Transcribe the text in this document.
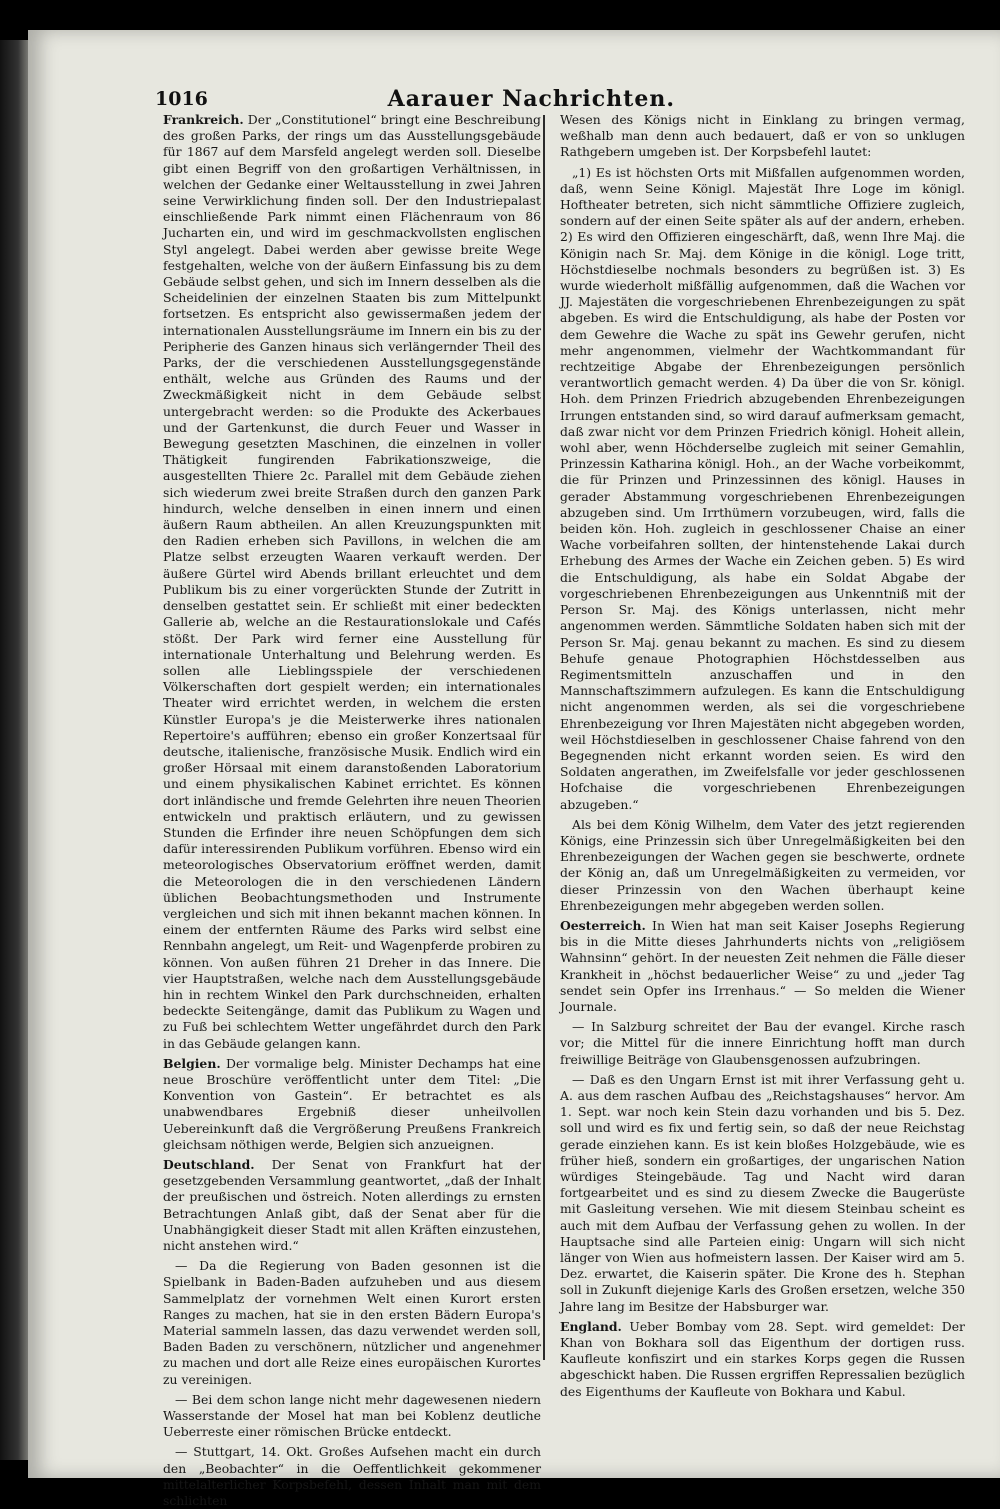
1016	Aarauer Nachrichten.

Frankreich. Der „Constitutionel“ bringt eine Beschreibung des großen Parks, der rings um das Ausstellungsgebäude für 1867 auf dem Marsfeld angelegt werden soll. Dieselbe gibt einen Begriff von den großartigen Verhältnissen, in welchen der Gedanke einer Weltausstellung in zwei Jahren seine Verwirklichung finden soll. Der den Industriepalast einschließende Park nimmt einen Flächenraum von 86 Jucharten ein, und wird im geschmackvollsten englischen Styl angelegt. Dabei werden aber gewisse breite Wege festgehalten, welche von der äußern Einfassung bis zu dem Gebäude selbst gehen, und sich im Innern desselben als die Scheidelinien der einzelnen Staaten bis zum Mittelpunkt fortsetzen. Es entspricht also gewissermaßen jedem der internationalen Ausstellungsräume im Innern ein bis zu der Peripherie des Ganzen hinaus sich verlängernder Theil des Parks, der die verschiedenen Ausstellungsgegenstände enthält, welche aus Gründen des Raums und der Zweckmäßigkeit nicht in dem Gebäude selbst untergebracht werden: so die Produkte des Ackerbaues und der Gartenkunst, die durch Feuer und Wasser in Bewegung gesetzten Maschinen, die einzelnen in voller Thätigkeit fungirenden Fabrikationszweige, die ausgestellten Thiere 2c. Parallel mit dem Gebäude ziehen sich wiederum zwei breite Straßen durch den ganzen Park hindurch, welche denselben in einen innern und einen äußern Raum abtheilen. An allen Kreuzungspunkten mit den Radien erheben sich Pavillons, in welchen die am Platze selbst erzeugten Waaren verkauft werden. Der äußere Gürtel wird Abends brillant erleuchtet und dem Publikum bis zu einer vorgerückten Stunde der Zutritt in denselben gestattet sein. Er schließt mit einer bedeckten Gallerie ab, welche an die Restaurationslokale und Cafés stößt. Der Park wird ferner eine Ausstellung für internationale Unterhaltung und Belehrung werden. Es sollen alle Lieblingsspiele der verschiedenen Völkerschaften dort gespielt werden; ein internationales Theater wird errichtet werden, in welchem die ersten Künstler Europa's je die Meisterwerke ihres nationalen Repertoire's aufführen; ebenso ein großer Konzertsaal für deutsche, italienische, französische Musik. Endlich wird ein großer Hörsaal mit einem daranstoßenden Laboratorium und einem physikalischen Kabinet errichtet. Es können dort inländische und fremde Gelehrten ihre neuen Theorien entwickeln und praktisch erläutern, und zu gewissen Stunden die Erfinder ihre neuen Schöpfungen dem sich dafür interessirenden Publikum vorführen. Ebenso wird ein meteorologisches Observatorium eröffnet werden, damit die Meteorologen die in den verschiedenen Ländern üblichen Beobachtungsmethoden und Instrumente vergleichen und sich mit ihnen bekannt machen können. In einem der entfernten Räume des Parks wird selbst eine Rennbahn angelegt, um Reit- und Wagenpferde probiren zu können. Von außen führen 21 Dreher in das Innere. Die vier Hauptstraßen, welche nach dem Ausstellungsgebäude hin in rechtem Winkel den Park durchschneiden, erhalten bedeckte Seitengänge, damit das Publikum zu Wagen und zu Fuß bei schlechtem Wetter ungefährdet durch den Park in das Gebäude gelangen kann.

Belgien. Der vormalige belg. Minister Dechamps hat eine neue Broschüre veröffentlicht unter dem Titel: „Die Konvention von Gastein“. Er betrachtet es als unabwendbares Ergebniß dieser unheilvollen Uebereinkunft daß die Vergrößerung Preußens Frankreich gleichsam nöthigen werde, Belgien sich anzueignen.

Deutschland. Der Senat von Frankfurt hat der gesetzgebenden Versammlung geantwortet, „daß der Inhalt der preußischen und östreich. Noten allerdings zu ernsten Betrachtungen Anlaß gibt, daß der Senat aber für die Unabhängigkeit dieser Stadt mit allen Kräften einzustehen, nicht anstehen wird.“

— Da die Regierung von Baden gesonnen ist die Spielbank in Baden-Baden aufzuheben und aus diesem Sammelplatz der vornehmen Welt einen Kurort ersten Ranges zu machen, hat sie in den ersten Bädern Europa's Material sammeln lassen, das dazu verwendet werden soll, Baden Baden zu verschönern, nützlicher und angenehmer zu machen und dort alle Reize eines europäischen Kurortes zu vereinigen.

— Bei dem schon lange nicht mehr dagewesenen niedern Wasserstande der Mosel hat man bei Koblenz deutliche Ueberreste einer römischen Brücke entdeckt.

— Stuttgart, 14. Okt. Großes Aufsehen macht ein durch den „Beobachter“ in die Oeffentlichkeit gekommener mittelalterlicher Korpsbefehl, dessen Inhalt man mit dem schlichten

Wesen des Königs nicht in Einklang zu bringen vermag, weßhalb man denn auch bedauert, daß er von so unklugen Rathgebern umgeben ist. Der Korpsbefehl lautet:

„1) Es ist höchsten Orts mit Mißfallen aufgenommen worden, daß, wenn Seine Königl. Majestät Ihre Loge im königl. Hoftheater betreten, sich nicht sämmtliche Offiziere zugleich, sondern auf der einen Seite später als auf der andern, erheben. 2) Es wird den Offizieren eingeschärft, daß, wenn Ihre Maj. die Königin nach Sr. Maj. dem Könige in die königl. Loge tritt, Höchstdieselbe nochmals besonders zu begrüßen ist. 3) Es wurde wiederholt mißfällig aufgenommen, daß die Wachen vor JJ. Majestäten die vorgeschriebenen Ehrenbezeigungen zu spät abgeben. Es wird die Entschuldigung, als habe der Posten vor dem Gewehre die Wache zu spät ins Gewehr gerufen, nicht mehr angenommen, vielmehr der Wachtkommandant für rechtzeitige Abgabe der Ehrenbezeigungen persönlich verantwortlich gemacht werden. 4) Da über die von Sr. königl. Hoh. dem Prinzen Friedrich abzugebenden Ehrenbezeigungen Irrungen entstanden sind, so wird darauf aufmerksam gemacht, daß zwar nicht vor dem Prinzen Friedrich königl. Hoheit allein, wohl aber, wenn Höchderselbe zugleich mit seiner Gemahlin, Prinzessin Katharina königl. Hoh., an der Wache vorbeikommt, die für Prinzen und Prinzessinnen des königl. Hauses in gerader Abstammung vorgeschriebenen Ehrenbezeigungen abzugeben sind. Um Irrthümern vorzubeugen, wird, falls die beiden kön. Hoh. zugleich in geschlossener Chaise an einer Wache vorbeifahren sollten, der hintenstehende Lakai durch Erhebung des Armes der Wache ein Zeichen geben. 5) Es wird die Entschuldigung, als habe ein Soldat Abgabe der vorgeschriebenen Ehrenbezeigungen aus Unkenntniß mit der Person Sr. Maj. des Königs unterlassen, nicht mehr angenommen werden. Sämmtliche Soldaten haben sich mit der Person Sr. Maj. genau bekannt zu machen. Es sind zu diesem Behufe genaue Photographien Höchstdesselben aus Regimentsmitteln anzuschaffen und in den Mannschaftszimmern aufzulegen. Es kann die Entschuldigung nicht angenommen werden, als sei die vorgeschriebene Ehrenbezeigung vor Ihren Majestäten nicht abgegeben worden, weil Höchstdieselben in geschlossener Chaise fahrend von den Begegnenden nicht erkannt worden seien. Es wird den Soldaten angerathen, im Zweifelsfalle vor jeder geschlossenen Hofchaise die vorgeschriebenen Ehrenbezeigungen abzugeben.“

Als bei dem König Wilhelm, dem Vater des jetzt regierenden Königs, eine Prinzessin sich über Unregelmäßigkeiten bei den Ehrenbezeigungen der Wachen gegen sie beschwerte, ordnete der König an, daß um Unregelmäßigkeiten zu vermeiden, vor dieser Prinzessin von den Wachen überhaupt keine Ehrenbezeigungen mehr abgegeben werden sollen.

Oesterreich. In Wien hat man seit Kaiser Josephs Regierung bis in die Mitte dieses Jahrhunderts nichts von „religiösem Wahnsinn“ gehört. In der neuesten Zeit nehmen die Fälle dieser Krankheit in „höchst bedauerlicher Weise“ zu und „jeder Tag sendet sein Opfer ins Irrenhaus.“ — So melden die Wiener Journale.

— In Salzburg schreitet der Bau der evangel. Kirche rasch vor; die Mittel für die innere Einrichtung hofft man durch freiwillige Beiträge von Glaubensgenossen aufzubringen.

— Daß es den Ungarn Ernst ist mit ihrer Verfassung geht u. A. aus dem raschen Aufbau des „Reichstagshauses“ hervor. Am 1. Sept. war noch kein Stein dazu vorhanden und bis 5. Dez. soll und wird es fix und fertig sein, so daß der neue Reichstag gerade einziehen kann. Es ist kein bloßes Holzgebäude, wie es früher hieß, sondern ein großartiges, der ungarischen Nation würdiges Steingebäude. Tag und Nacht wird daran fortgearbeitet und es sind zu diesem Zwecke die Baugerüste mit Gasleitung versehen. Wie mit diesem Steinbau scheint es auch mit dem Aufbau der Verfassung gehen zu wollen. In der Hauptsache sind alle Parteien einig: Ungarn will sich nicht länger von Wien aus hofmeistern lassen. Der Kaiser wird am 5. Dez. erwartet, die Kaiserin später. Die Krone des h. Stephan soll in Zukunft diejenige Karls des Großen ersetzen, welche 350 Jahre lang im Besitze der Habsburger war.

England. Ueber Bombay vom 28. Sept. wird gemeldet: Der Khan von Bokhara soll das Eigenthum der dortigen russ. Kaufleute konfiszirt und ein starkes Korps gegen die Russen abgeschickt haben. Die Russen ergriffen Repressalien bezüglich des Eigenthums der Kaufleute von Bokhara und Kabul.
